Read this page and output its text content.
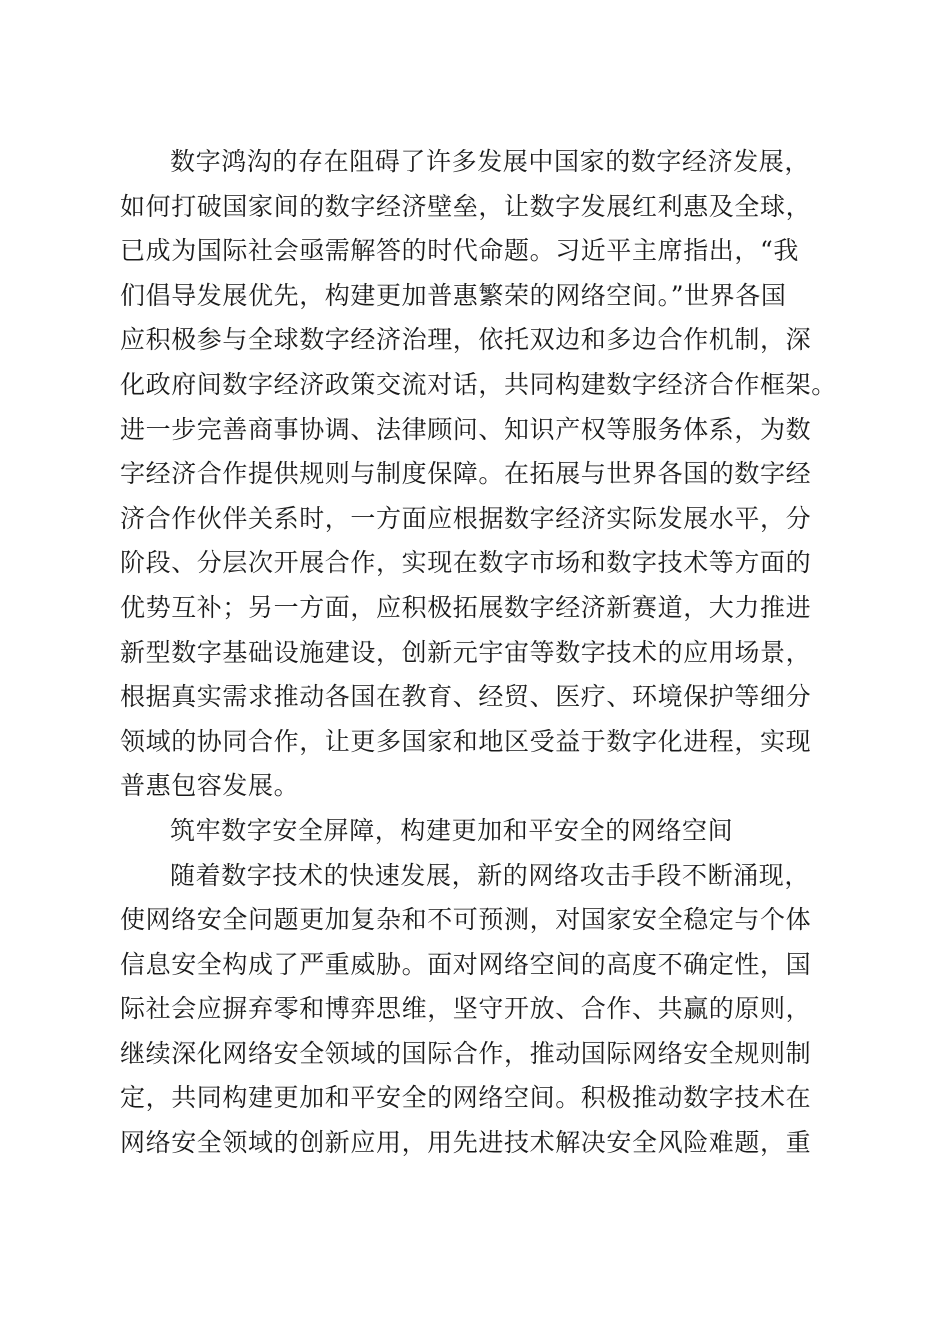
数字鸿沟的存在阻碍了许多发展中国家的数字经济发展，
如何打破国家间的数字经济壁垒，让数字发展红利惠及全球，
已成为国际社会亟需解答的时代命题。习近平主席指出，“我
们倡导发展优先，构建更加普惠繁荣的网络空间。”世界各国
应积极参与全球数字经济治理，依托双边和多边合作机制，深
化政府间数字经济政策交流对话，共同构建数字经济合作框架。
进一步完善商事协调、法律顾问、知识产权等服务体系，为数
字经济合作提供规则与制度保障。在拓展与世界各国的数字经
济合作伙伴关系时，一方面应根据数字经济实际发展水平，分
阶段、分层次开展合作，实现在数字市场和数字技术等方面的
优势互补；另一方面，应积极拓展数字经济新赛道，大力推进
新型数字基础设施建设，创新元宇宙等数字技术的应用场景，
根据真实需求推动各国在教育、经贸、医疗、环境保护等细分
领域的协同合作，让更多国家和地区受益于数字化进程，实现
普惠包容发展。
筑牢数字安全屏障，构建更加和平安全的网络空间
随着数字技术的快速发展，新的网络攻击手段不断涌现，
使网络安全问题更加复杂和不可预测，对国家安全稳定与个体
信息安全构成了严重威胁。面对网络空间的高度不确定性，国
际社会应摒弃零和博弈思维，坚守开放、合作、共赢的原则，
继续深化网络安全领域的国际合作，推动国际网络安全规则制
定，共同构建更加和平安全的网络空间。积极推动数字技术在
网络安全领域的创新应用，用先进技术解决安全风险难题，重
